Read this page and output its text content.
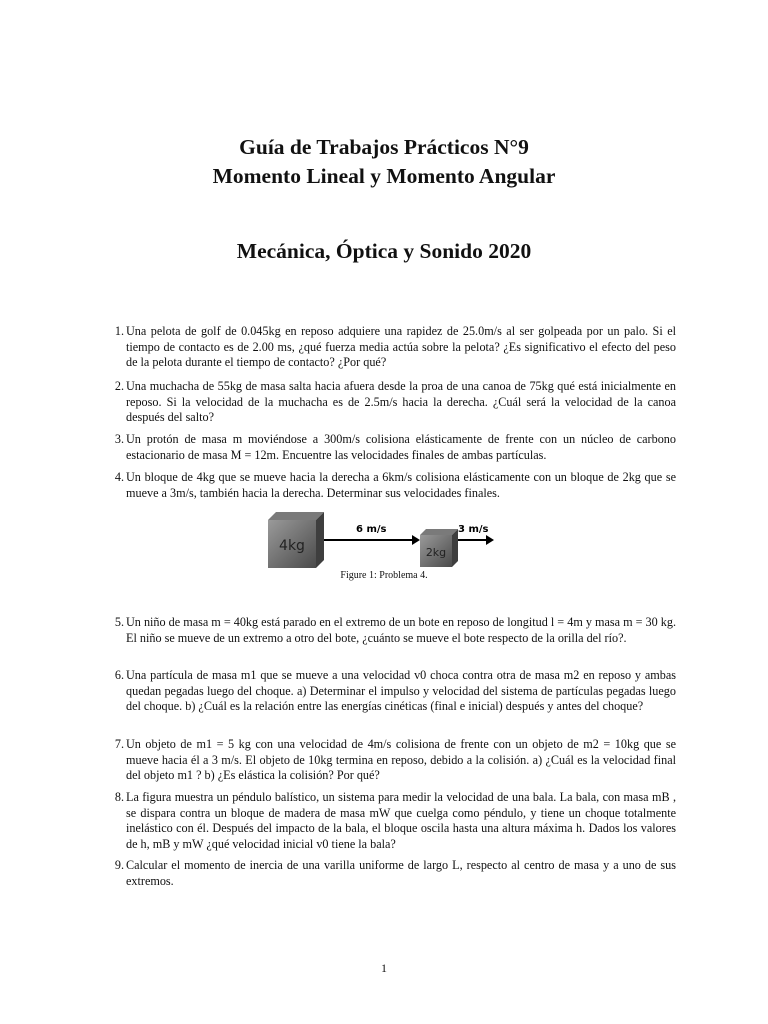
Guía de Trabajos Prácticos N°9
Momento Lineal y Momento Angular
Mecánica, Óptica y Sonido 2020
1. Una pelota de golf de 0.045kg en reposo adquiere una rapidez de 25.0m/s al ser golpeada por un palo. Si el tiempo de contacto es de 2.00 ms, ¿qué fuerza media actúa sobre la pelota? ¿Es significativo el efecto del peso de la pelota durante el tiempo de contacto? ¿Por qué?
2. Una muchacha de 55kg de masa salta hacia afuera desde la proa de una canoa de 75kg qué está inicialmente en reposo. Si la velocidad de la muchacha es de 2.5m/s hacia la derecha. ¿Cuál será la velocidad de la canoa después del salto?
3. Un protón de masa m moviéndose a 300m/s colisiona elásticamente de frente con un núcleo de carbono estacionario de masa M = 12m. Encuentre las velocidades finales de ambas partículas.
4. Un bloque de 4kg que se mueve hacia la derecha a 6km/s colisiona elásticamente con un bloque de 2kg que se mueve a 3m/s, también hacia la derecha. Determinar sus velocidades finales.
5. Un niño de masa m = 40kg está parado en el extremo de un bote en reposo de longitud l = 4m y masa m = 30 kg. El niño se mueve de un extremo a otro del bote, ¿cuánto se mueve el bote respecto de la orilla del río?.
6. Una partícula de masa m1 que se mueve a una velocidad v0 choca contra otra de masa m2 en reposo y ambas quedan pegadas luego del choque. a) Determinar el impulso y velocidad del sistema de partículas pegadas luego del choque. b) ¿Cuál es la relación entre las energías cinéticas (final e inicial) después y antes del choque?
7. Un objeto de m1 = 5 kg con una velocidad de 4m/s colisiona de frente con un objeto de m2 = 10kg que se mueve hacia él a 3 m/s. El objeto de 10kg termina en reposo, debido a la colisión. a) ¿Cuál es la velocidad final del objeto m1 ? b) ¿Es elástica la colisión? Por qué?
8. La figura muestra un péndulo balístico, un sistema para medir la velocidad de una bala. La bala, con masa mB , se dispara contra un bloque de madera de masa mW que cuelga como péndulo, y tiene un choque totalmente inelástico con él. Después del impacto de la bala, el bloque oscila hasta una altura máxima h. Dados los valores de h, mB y mW ¿qué velocidad inicial v0 tiene la bala?
9. Calcular el momento de inercia de una varilla uniforme de largo L, respecto al centro de masa y a uno de sus extremos.
4kg
6 m/s
2kg
3 m/s
Figure 1: Problema 4.
1
